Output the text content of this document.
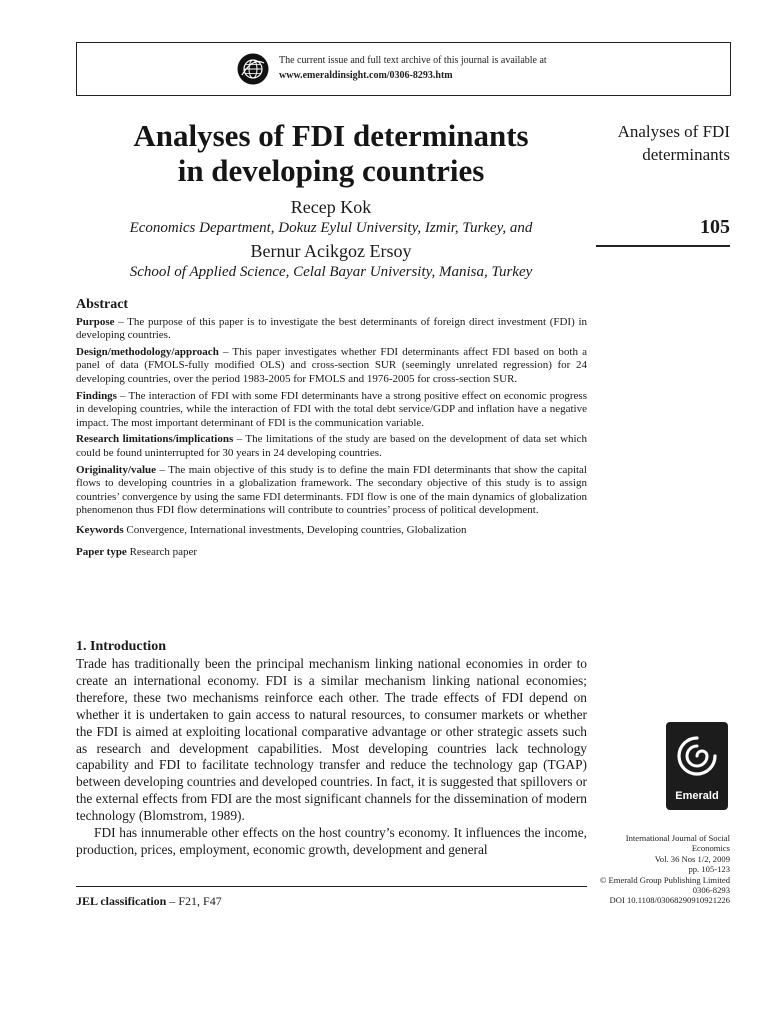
The current issue and full text archive of this journal is available at
www.emeraldinsight.com/0306-8293.htm
Analyses of FDI determinants
in developing countries
Recep Kok
Economics Department, Dokuz Eylul University, Izmir, Turkey, and
Bernur Acikgoz Ersoy
School of Applied Science, Celal Bayar University, Manisa, Turkey
Analyses of FDI
determinants
105
Abstract

Purpose – The purpose of this paper is to investigate the best determinants of foreign direct investment (FDI) in developing countries.

Design/methodology/approach – This paper investigates whether FDI determinants affect FDI based on both a panel of data (FMOLS-fully modified OLS) and cross-section SUR (seemingly unrelated regression) for 24 developing countries, over the period 1983-2005 for FMOLS and 1976-2005 for cross-section SUR.

Findings – The interaction of FDI with some FDI determinants have a strong positive effect on economic progress in developing countries, while the interaction of FDI with the total debt service/GDP and inflation have a negative impact. The most important determinant of FDI is the communication variable.

Research limitations/implications – The limitations of the study are based on the development of data set which could be found uninterrupted for 30 years in 24 developing countries.

Originality/value – The main objective of this study is to define the main FDI determinants that show the capital flows to developing countries in a globalization framework. The secondary objective of this study is to assign countries’ convergence by using the same FDI determinants. FDI flow is one of the main dynamics of globalization phenomenon thus FDI flow determinations will contribute to countries’ process of political development.

Keywords Convergence, International investments, Developing countries, Globalization

Paper type Research paper

1. Introduction

Trade has traditionally been the principal mechanism linking national economies in order to create an international economy. FDI is a similar mechanism linking national economies; therefore, these two mechanisms reinforce each other. The trade effects of FDI depend on whether it is undertaken to gain access to natural resources, to consumer markets or whether the FDI is aimed at exploiting locational comparative advantage or other strategic assets such as research and development capabilities. Most developing countries lack technology capability and FDI to facilitate technology transfer and reduce the technology gap (TGAP) between developing countries and developed countries. In fact, it is suggested that spillovers or the external effects from FDI are the most significant channels for the dissemination of modern technology (Blomstrom, 1989).

FDI has innumerable other effects on the host country’s economy. It influences the income, production, prices, employment, economic growth, development and general

JEL classification – F21, F47
Emerald
International Journal of Social
Economics
Vol. 36 Nos 1/2, 2009
pp. 105-123
© Emerald Group Publishing Limited
0306-8293
DOI 10.1108/03068290910921226
